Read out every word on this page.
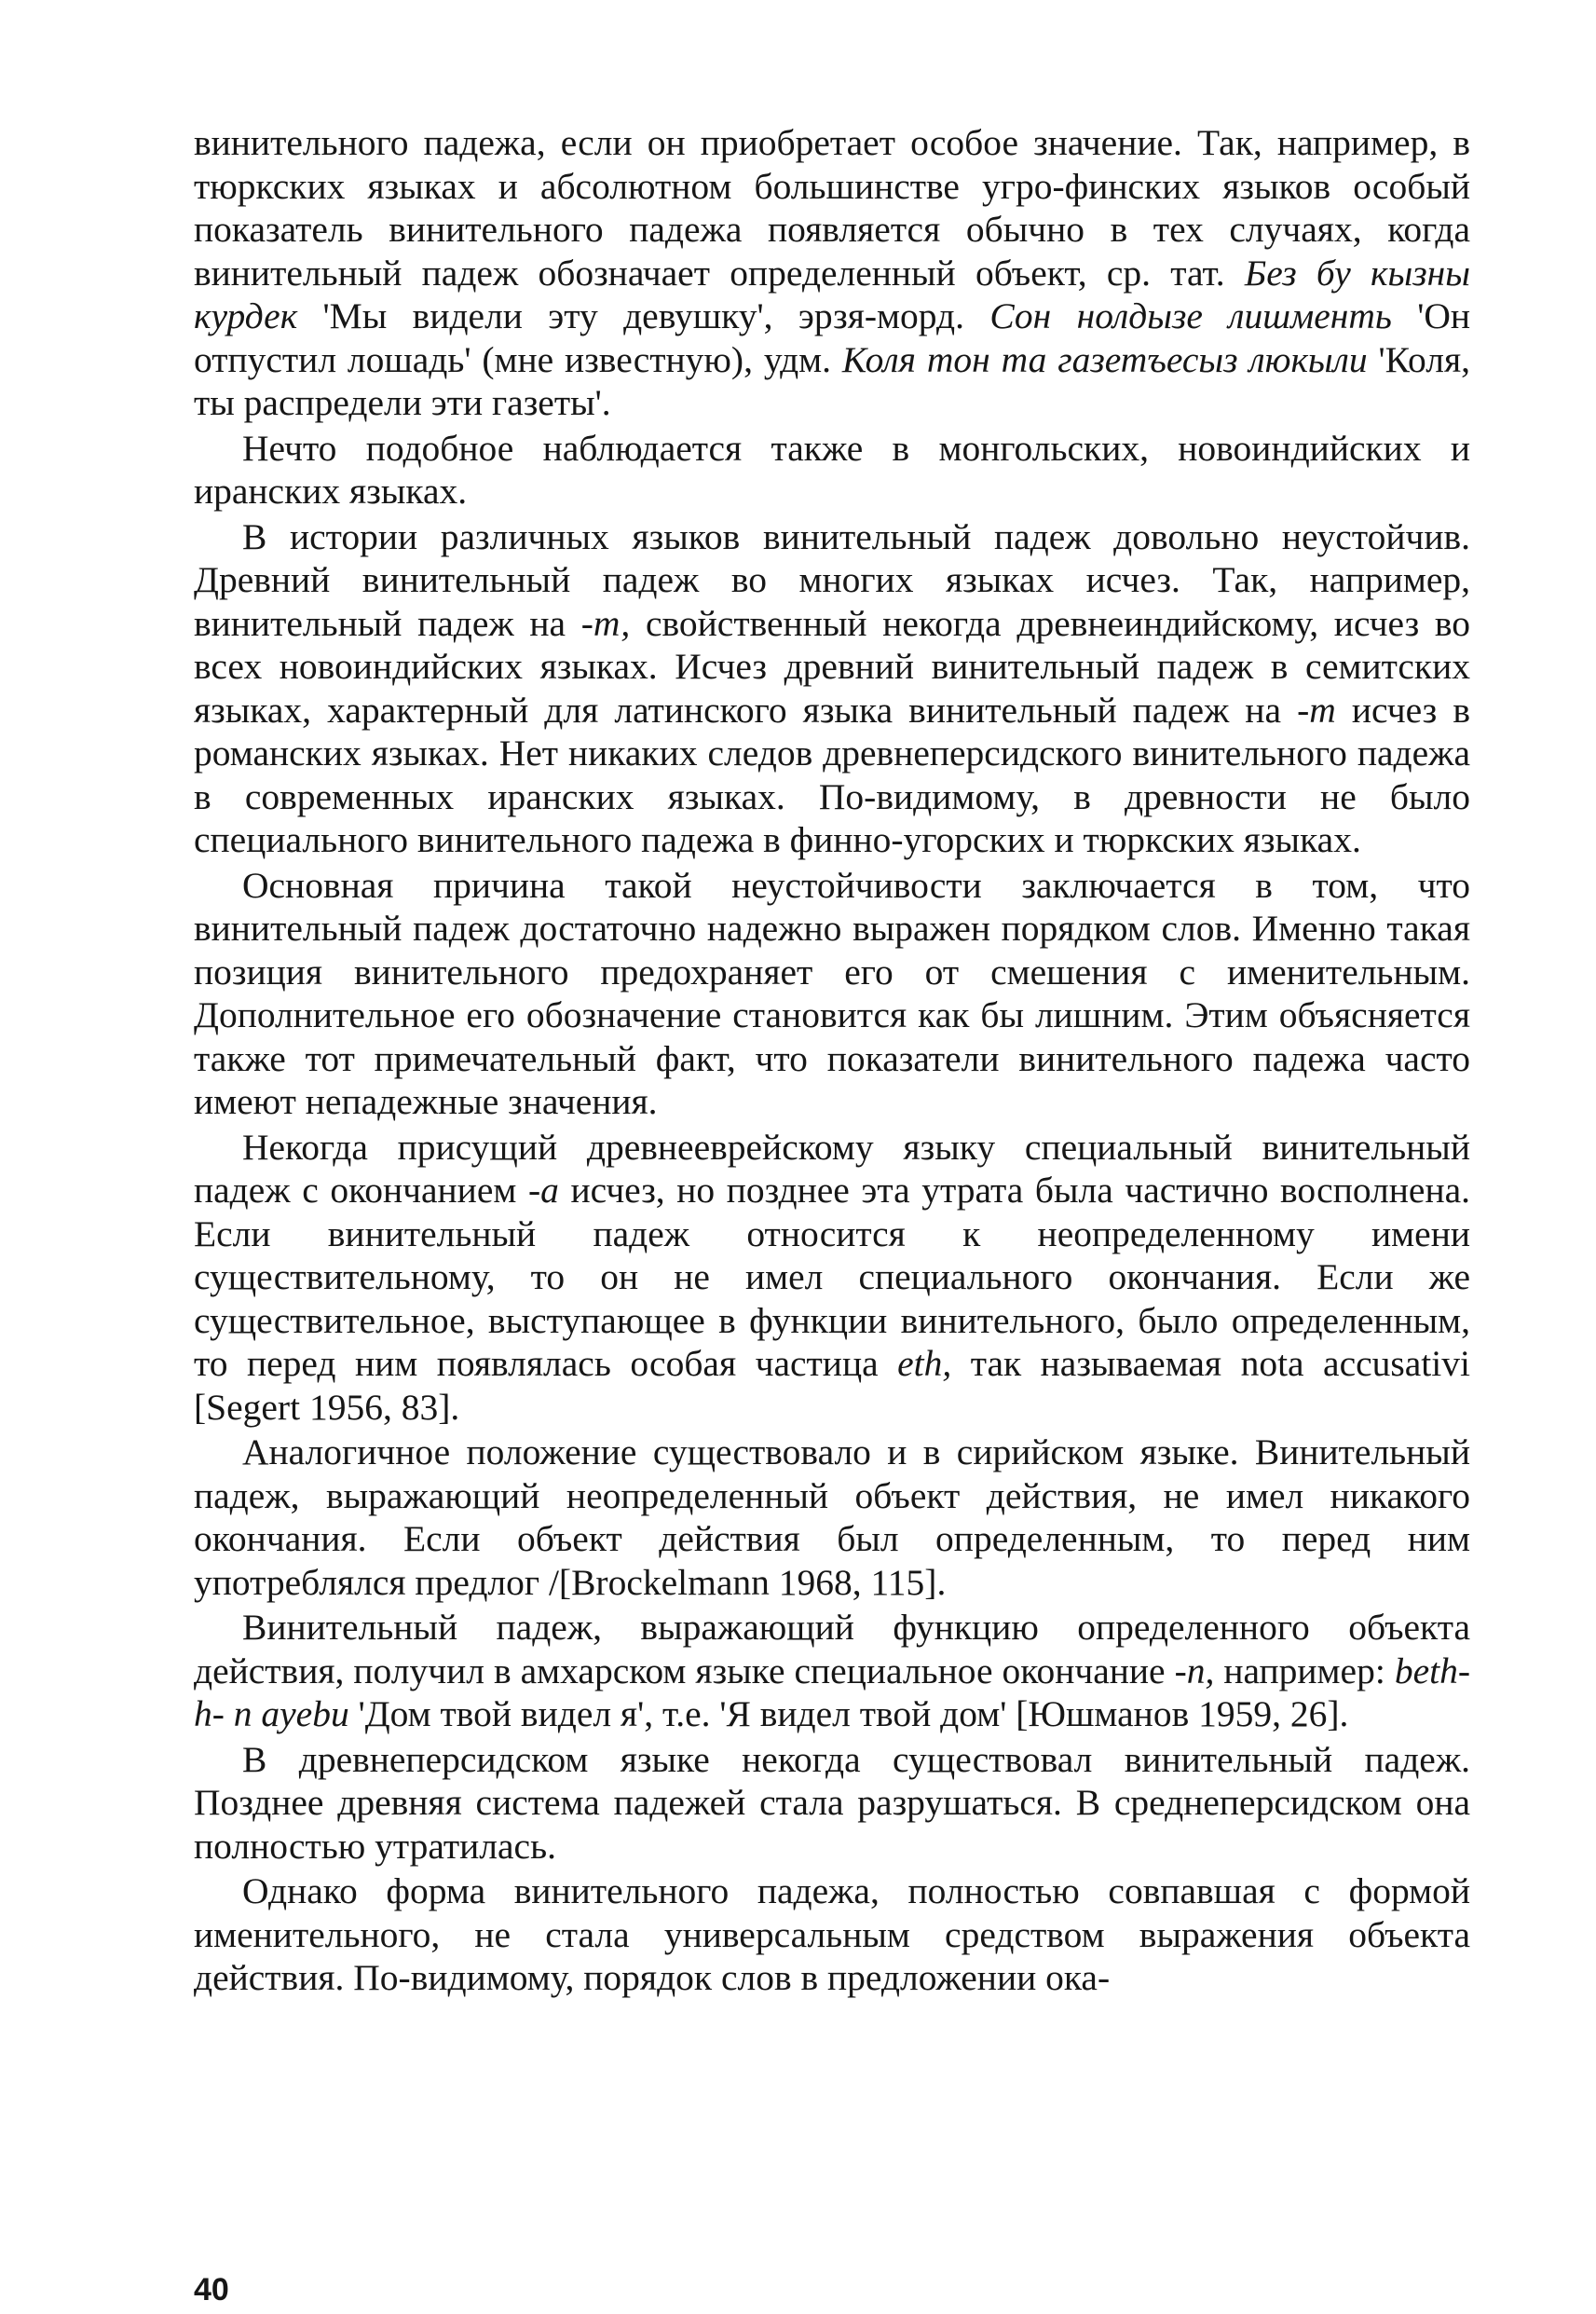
винительного падежа, если он приобретает особое значение. Так, например, в тюркских языках и абсолютном большинстве угро-финских языков особый показатель винительного падежа появляется обычно в тех случаях, когда винительный падеж обозначает определенный объект, ср. тат. Без бу кызны курдек 'Мы видели эту девушку', эрзя-морд. Сон нолдызе лишменть 'Он отпустил лошадь' (мне известную), удм. Коля тон та газетъесыз люкыли 'Коля, ты распредели эти газеты'.

Нечто подобное наблюдается также в монгольских, новоиндийских и иранских языках.

В истории различных языков винительный падеж довольно неустойчив. Древний винительный падеж во многих языках исчез. Так, например, винительный падеж на -т, свойственный некогда древнеиндийскому, исчез во всех новоиндийских языках. Исчез древний винительный падеж в семитских языках, характерный для латинского языка винительный падеж на -т исчез в романских языках. Нет никаких следов древнеперсидского винительного падежа в современных иранских языках. По-видимому, в древности не было специального винительного падежа в финно-угорских и тюркских языках.

Основная причина такой неустойчивости заключается в том, что винительный падеж достаточно надежно выражен порядком слов. Именно такая позиция винительного предохраняет его от смешения с именительным. Дополнительное его обозначение становится как бы лишним. Этим объясняется также тот примечательный факт, что показатели винительного падежа часто имеют непадежные значения.

Некогда присущий древнееврейскому языку специальный винительный падеж с окончанием -а исчез, но позднее эта утрата была частично восполнена. Если винительный падеж относится к неопределенному имени существительному, то он не имел специального окончания. Если же существительное, выступающее в функции винительного, было определенным, то перед ним появлялась особая частица eth, так называемая nota accusativi [Segert 1956, 83].

Аналогичное положение существовало и в сирийском языке. Винительный падеж, выражающий неопределенный объект действия, не имел никакого окончания. Если объект действия был определенным, то перед ним употреблялся предлог /[Brockelmann 1968, 115].

Винительный падеж, выражающий функцию определенного объекта действия, получил в амхарском языке специальное окончание -n, например: beth-h- n ayebu 'Дом твой видел я', т.е. 'Я видел твой дом' [Юшманов 1959, 26].

В древнеперсидском языке некогда существовал винительный падеж. Позднее древняя система падежей стала разрушаться. В среднеперсидском она полностью утратилась.

Однако форма винительного падежа, полностью совпавшая с формой именительного, не стала универсальным средством выражения объекта действия. По-видимому, порядок слов в предложении ока-

40
